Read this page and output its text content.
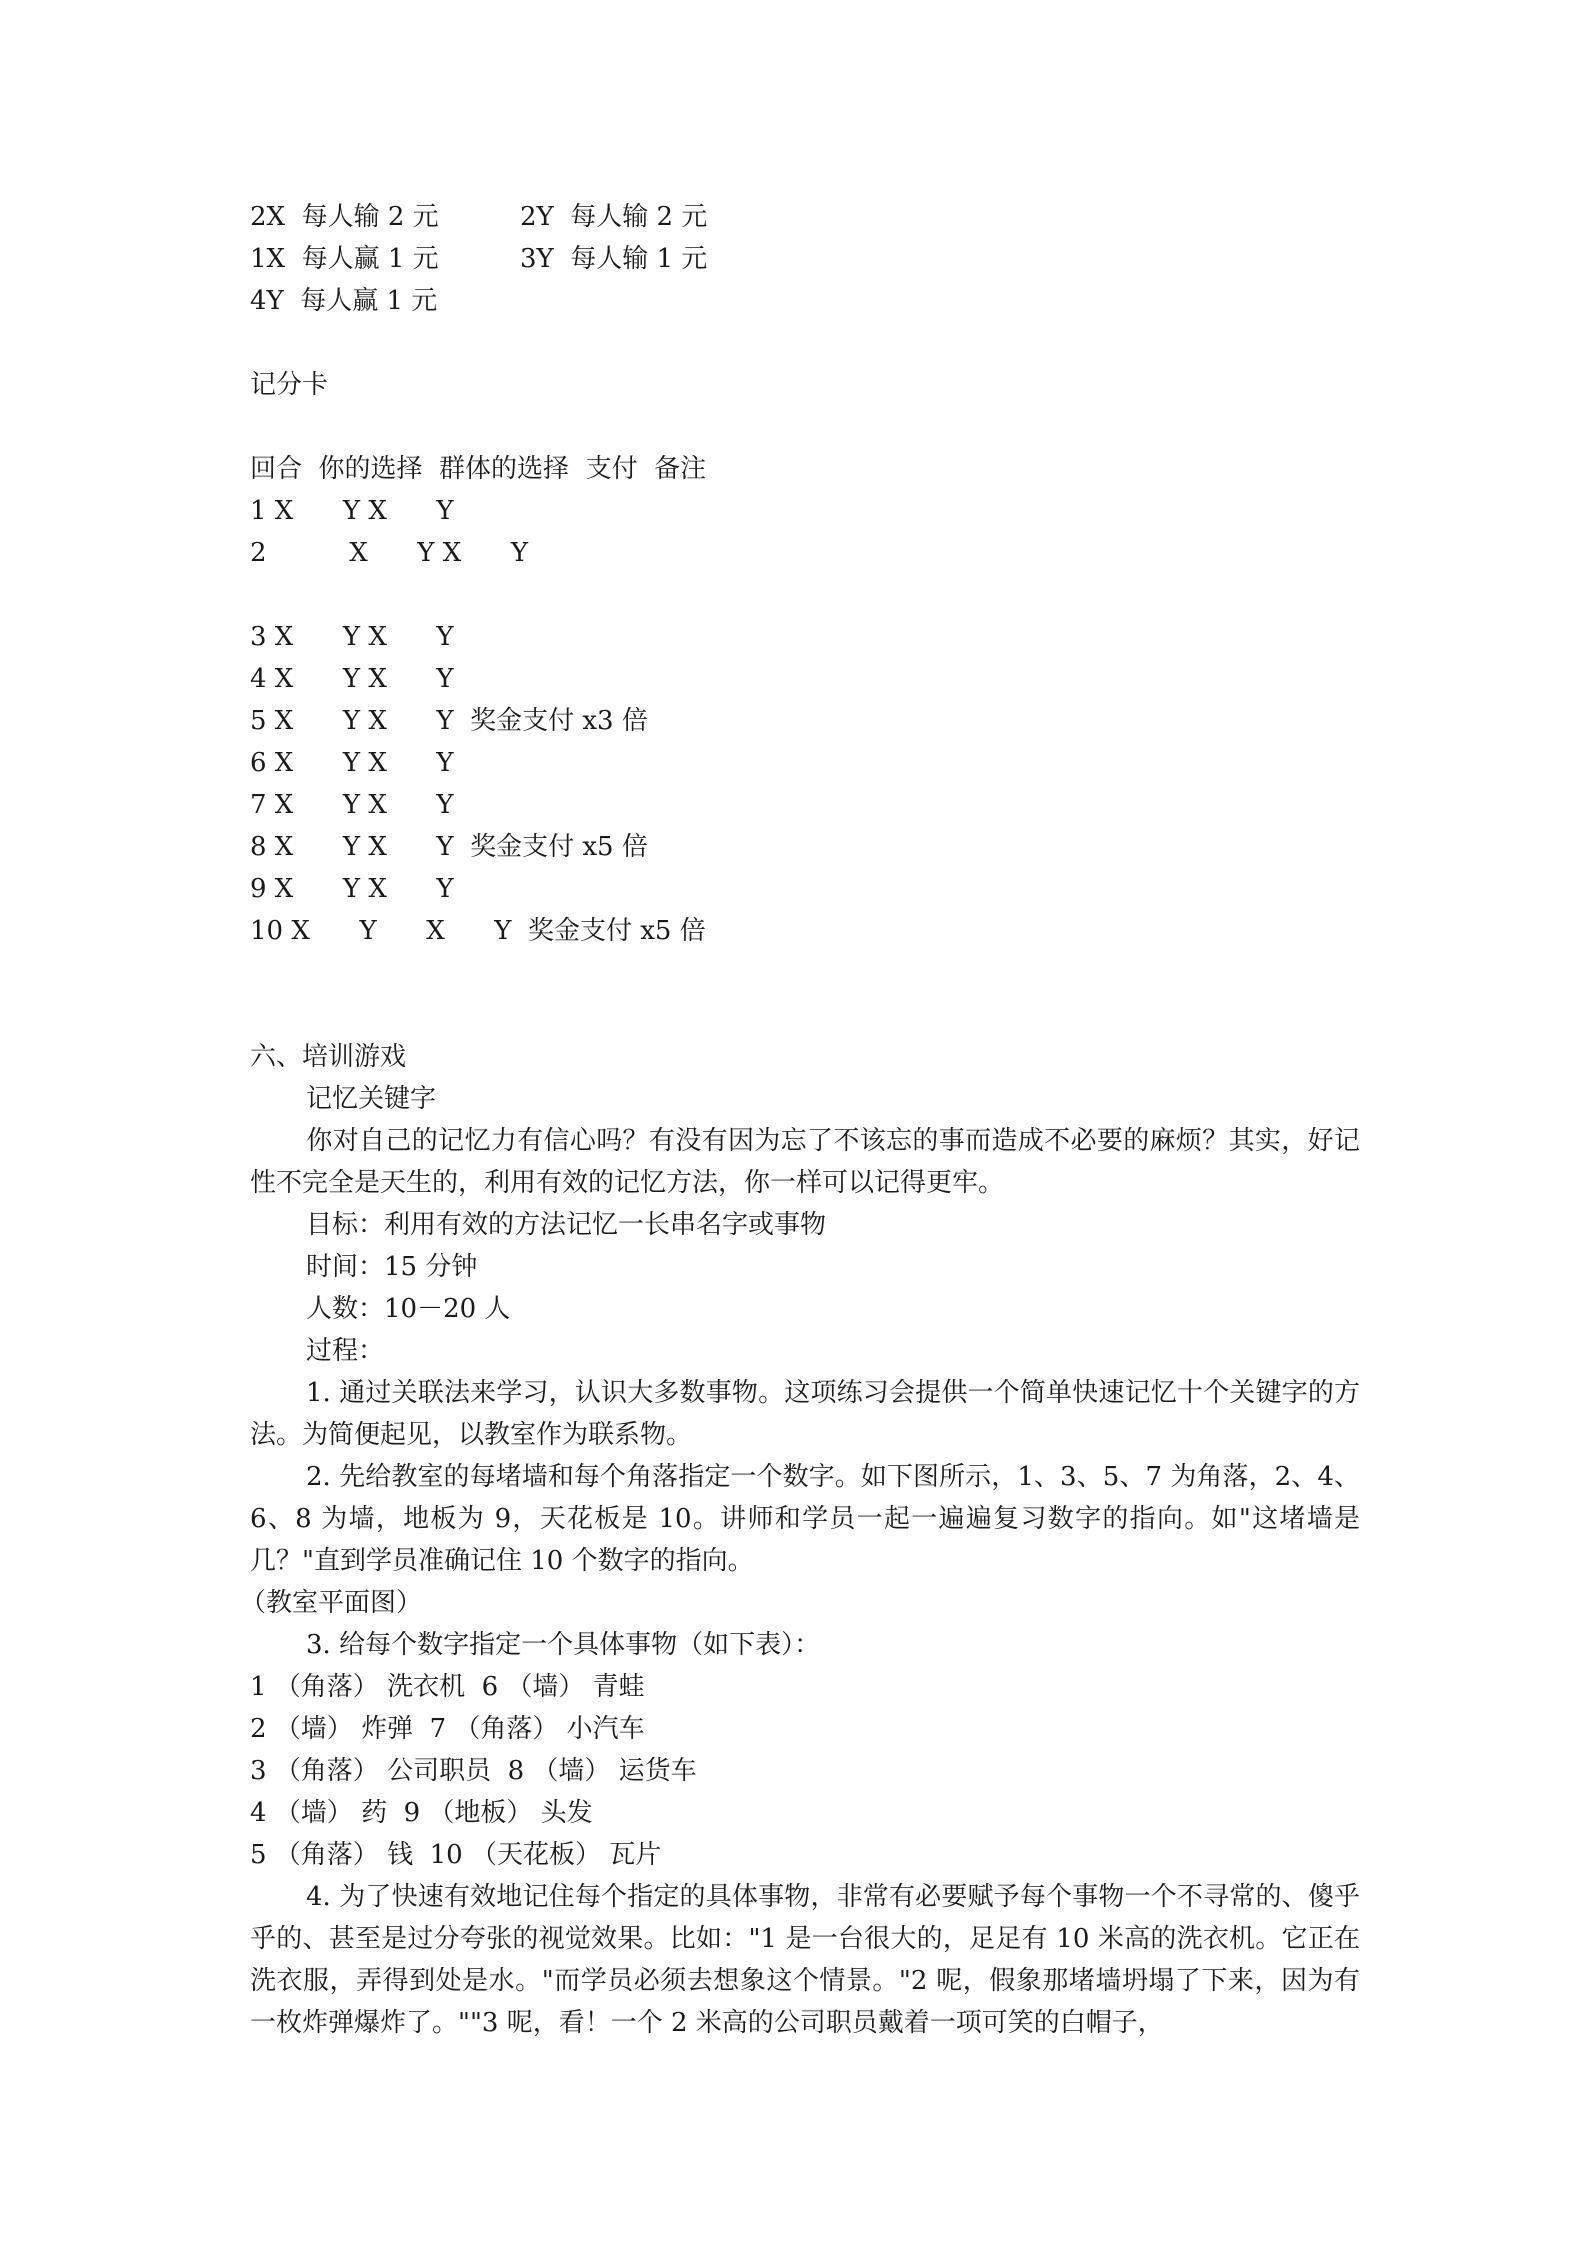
2X  每人输 2 元	2Y  每人输 2 元
1X  每人赢 1 元	3Y  每人输 1 元
4Y  每人赢 1 元
记分卡
回合  你的选择  群体的选择  支付  备注
1 X      Y X      Y
2          X      Y X      Y
3 X      Y X      Y
4 X      Y X      Y
5 X      Y X      Y  奖金支付 x3 倍
6 X      Y X      Y
7 X      Y X      Y
8 X      Y X      Y  奖金支付 x5 倍
9 X      Y X      Y
10 X      Y      X      Y  奖金支付 x5 倍
六、培训游戏
记忆关键字
你对自己的记忆力有信心吗？有没有因为忘了不该忘的事而造成不必要的麻烦？其实，好记性不完全是天生的，利用有效的记忆方法，你一样可以记得更牢。
目标：利用有效的方法记忆一长串名字或事物
时间：15 分钟
人数：10－20 人
过程：
1. 通过关联法来学习，认识大多数事物。这项练习会提供一个简单快速记忆十个关键字的方法。为简便起见，以教室作为联系物。
2. 先给教室的每堵墙和每个角落指定一个数字。如下图所示，1、3、5、7 为角落，2、4、6、8 为墙，地板为 9，天花板是 10。讲师和学员一起一遍遍复习数字的指向。如"这堵墙是几？"直到学员准确记住 10 个数字的指向。
（教室平面图）
3. 给每个数字指定一个具体事物（如下表）：
1 （角落） 洗衣机  6 （墙） 青蛙
2 （墙） 炸弹  7 （角落） 小汽车
3 （角落） 公司职员  8 （墙） 运货车
4 （墙） 药  9 （地板） 头发
5 （角落） 钱  10 （天花板） 瓦片
4. 为了快速有效地记住每个指定的具体事物，非常有必要赋予每个事物一个不寻常的、傻乎乎的、甚至是过分夸张的视觉效果。比如："1 是一台很大的，足足有 10 米高的洗衣机。它正在洗衣服，弄得到处是水。"而学员必须去想象这个情景。"2 呢，假象那堵墙坍塌了下来，因为有一枚炸弹爆炸了。""3 呢，看！一个 2 米高的公司职员戴着一项可笑的白帽子，
